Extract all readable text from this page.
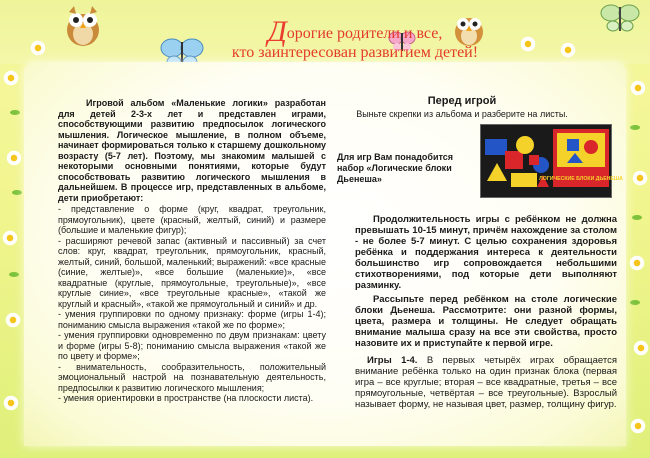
Дорогие родители и все,
кто заинтересован развитием детей!

Игровой альбом «Маленькие логики» разработан для детей 2-3-х лет и представлен играми, способствующими развитию предпосылок логического мышления. Логическое мышление, в полном объеме, начинает формироваться только к старшему дошкольному возрасту (5-7 лет). Поэтому, мы знакомим малышей с некоторыми основными понятиями, которые будут способствовать развитию логического мышления в дальнейшем. В процессе игр, представленных в альбоме, дети приобретают:

- представление о форме (круг, квадрат, треугольник, прямоугольник), цвете (красный, желтый, синий) и размере (большие и маленькие фигур);

- расширяют речевой запас (активный и пассивный) за счет слов: круг, квадрат, треугольник, прямоугольник, красный, желтый, синий, большой, маленький; выражений: «все красные (синие, желтые)», «все большие (маленькие)», «все квадратные (круглые, прямоугольные, треугольные)», «все круглые синие», «все треугольные красные», «такой же круглый и красный», «такой же прямоугольный и синий» и др.

- умения группировки по одному признаку: форме (игры 1-4); пониманию смысла выражения «такой же по форме»;

- умения группировки одновременно по двум признакам: цвету и форме (игры 5-8); пониманию смысла выражения «такой же по цвету и форме»;

- внимательность, сообразительность, положительный эмоциональный настрой на познавательную деятельность, предпосылки к развитию логического мышления;

- умения ориентировки в пространстве (на плоскости листа).

Перед игрой

Выньте скрепки из альбома и разберите на листы.

Для игр Вам понадобится набор «Логические блоки Дьенеша»	ЛОГИЧЕСКИЕ БЛОКИ ДЬЕНЕША
Продолжительность игры с ребёнком не должна превышать 10-15 минут, причём нахождение за столом - не более 5-7 минут. С целью сохранения здоровья ребёнка и поддержания интереса к деятельности большинство игр сопровождается небольшими стихотворениями, под которые дети выполняют разминку.
Рассыпьте перед ребёнком на столе логические блоки Дьенеша. Рассмотрите: они разной формы, цвета, размера и толщины. Не следует обращать внимание малыша сразу на все эти свойства, просто назовите их и приступайте к первой игре.
Игры 1-4. В первых четырёх играх обращается внимание ребёнка только на один признак блока (первая игра – все круглые; вторая – все квадратные, третья – все прямоугольные, четвёртая – все треугольные). Взрослый называет форму, не называя цвет, размер, толщину фигур.
